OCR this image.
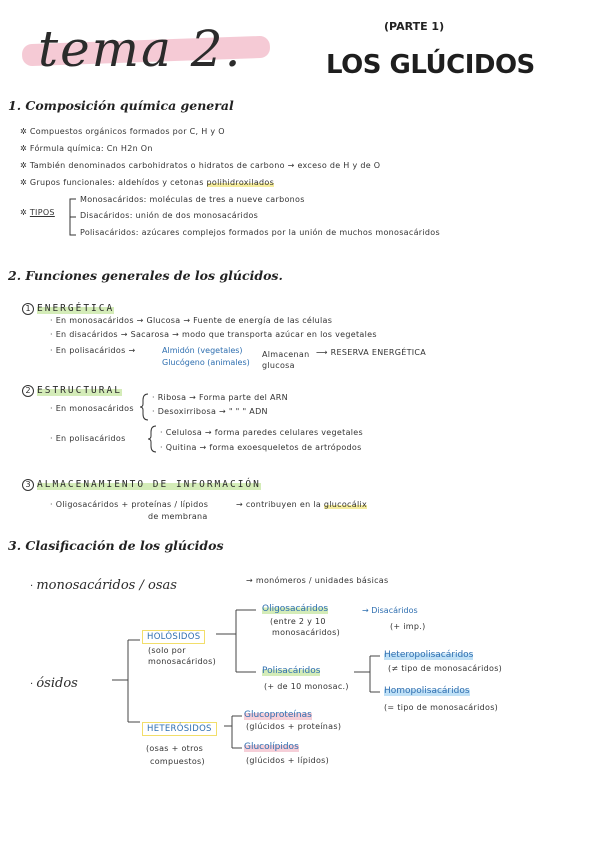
tema 2.	(PARTE 1)
LOS GLÚCIDOS
1. Composición química general
✲ Compuestos orgánicos formados por C, H y O
✲ Fórmula química: Cn H2n On
✲ También denominados carbohidratos o hidratos de carbono → exceso de H y de O
✲ Grupos funcionales: aldehídos y cetonas polihidroxilados
✲ TIPOS
Monosacáridos: moléculas de tres a nueve carbonos
Disacáridos: unión de dos monosacáridos
Polisacáridos: azúcares complejos formados por la unión de muchos monosacáridos
2. Funciones generales de los glúcidos.
1 ENERGÉTICA
· En monosacáridos → Glucosa → Fuente de energía de las células
· En disacáridos → Sacarosa → modo que transporta azúcar en los vegetales
· En polisacáridos →	Almidón (vegetales)
Glucógeno (animales)
Almacenan glucosa
⟶ RESERVA ENERGÉTICA
2 ESTRUCTURAL
· En monosacáridos
· Ribosa → Forma parte del ARN
· Desoxirribosa → " " " ADN
· En polisacáridos
· Celulosa → forma paredes celulares vegetales
· Quitina → forma exoesqueletos de artrópodos
3 ALMACENAMIENTO DE INFORMACIÓN
· Oligosacáridos + proteínas / lípidos
de membrana
→ contribuyen en la glucocálix
3. Clasificación de los glúcidos
· monosacáridos / osas	→ monómeros / unidades básicas
· ósidos
HOLÓSIDOS
(solo por
monosacáridos)
HETERÓSIDOS
(osas + otros
compuestos)
Oligosacáridos
(entre 2 y 10
monosacáridos)
→ Disacáridos
(+ imp.)
Polisacáridos
(+ de 10 monosac.)
Heteropolisacáridos
(≠ tipo de monosacáridos)
Homopolisacáridos
(= tipo de monosacáridos)
Glucoproteínas
(glúcidos + proteínas)
Glucolípidos
(glúcidos + lípidos)
